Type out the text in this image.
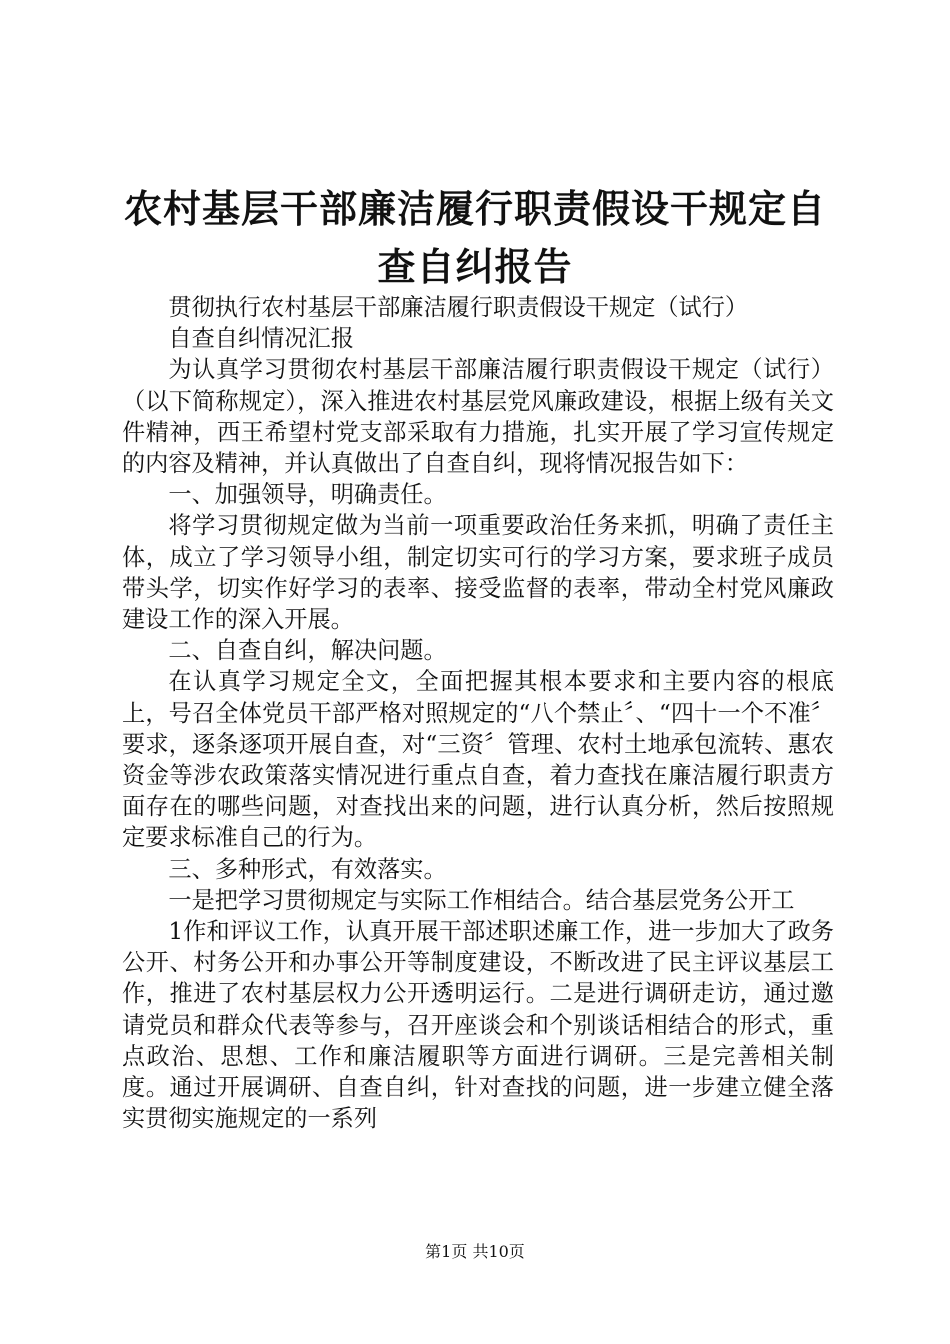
农村基层干部廉洁履行职责假设干规定自查自纠报告

贯彻执行农村基层干部廉洁履行职责假设干规定（试行）

自查自纠情况汇报

为认真学习贯彻农村基层干部廉洁履行职责假设干规定（试行）（以下简称规定），深入推进农村基层党风廉政建设，根据上级有关文件精神，西王希望村党支部采取有力措施，扎实开展了学习宣传规定的内容及精神，并认真做出了自查自纠，现将情况报告如下：

一、加强领导，明确责任。

将学习贯彻规定做为当前一项重要政治任务来抓，明确了责任主体，成立了学习领导小组，制定切实可行的学习方案，要求班子成员带头学，切实作好学习的表率、接受监督的表率，带动全村党风廉政建设工作的深入开展。

二、自查自纠，解决问题。

在认真学习规定全文，全面把握其根本要求和主要内容的根底上，号召全体党员干部严格对照规定的“八个禁止〞、“四十一个不准〞要求，逐条逐项开展自查，对“三资〞管理、农村土地承包流转、惠农资金等涉农政策落实情况进行重点自查，着力查找在廉洁履行职责方面存在的哪些问题，对查找出来的问题，进行认真分析，然后按照规定要求标准自己的行为。

三、多种形式，有效落实。

一是把学习贯彻规定与实际工作相结合。结合基层党务公开工

1作和评议工作，认真开展干部述职述廉工作，进一步加大了政务公开、村务公开和办事公开等制度建设，不断改进了民主评议基层工作，推进了农村基层权力公开透明运行。二是进行调研走访，通过邀请党员和群众代表等参与，召开座谈会和个别谈话相结合的形式，重点政治、思想、工作和廉洁履职等方面进行调研。三是完善相关制度。通过开展调研、自查自纠，针对查找的问题，进一步建立健全落实贯彻实施规定的一系列

第1页 共10页
